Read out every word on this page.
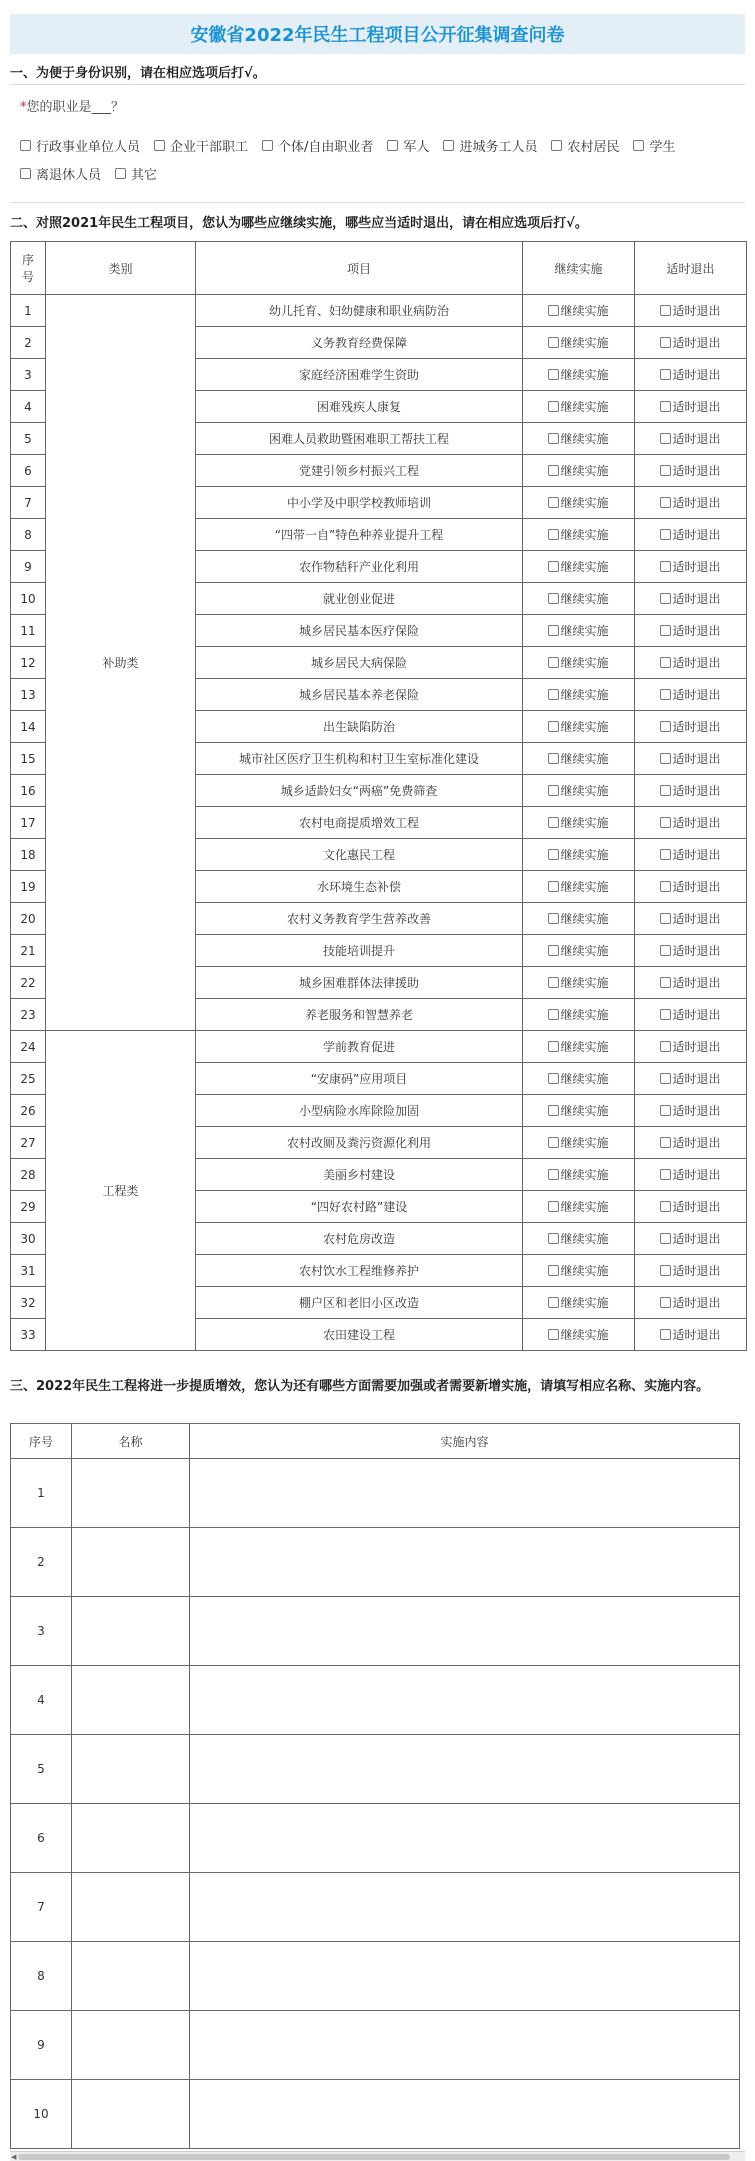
安徽省2022年民生工程项目公开征集调查问卷
一、为便于身份识别，请在相应选项后打√。
*您的职业是___？
行政事业单位人员 企业干部职工 个体/自由职业者 军人 进城务工人员 农村居民 学生
离退休人员 其它
二、对照2021年民生工程项目，您认为哪些应继续实施，哪些应当适时退出，请在相应选项后打√。
序
号	类别	项目	继续实施	适时退出
1	补助类	幼儿托育、妇幼健康和职业病防治	继续实施	适时退出

2		义务教育经费保障	继续实施	适时退出

3		家庭经济困难学生资助	继续实施	适时退出

4		困难残疾人康复	继续实施	适时退出

5		困难人员救助暨困难职工帮扶工程	继续实施	适时退出

6		党建引领乡村振兴工程	继续实施	适时退出

7		中小学及中职学校教师培训	继续实施	适时退出

8		“四带一自”特色种养业提升工程	继续实施	适时退出

9		农作物秸秆产业化利用	继续实施	适时退出

10		就业创业促进	继续实施	适时退出

11		城乡居民基本医疗保险	继续实施	适时退出

12		城乡居民大病保险	继续实施	适时退出

13		城乡居民基本养老保险	继续实施	适时退出

14		出生缺陷防治	继续实施	适时退出

15		城市社区医疗卫生机构和村卫生室标准化建设	继续实施	适时退出

16		城乡适龄妇女“两癌”免费筛查	继续实施	适时退出

17		农村电商提质增效工程	继续实施	适时退出

18		文化惠民工程	继续实施	适时退出

19		水环境生态补偿	继续实施	适时退出

20		农村义务教育学生营养改善	继续实施	适时退出

21		技能培训提升	继续实施	适时退出

22		城乡困难群体法律援助	继续实施	适时退出

23		养老服务和智慧养老	继续实施	适时退出

24	工程类	学前教育促进	继续实施	适时退出

25		“安康码”应用项目	继续实施	适时退出

26		小型病险水库除险加固	继续实施	适时退出

27		农村改厕及粪污资源化利用	继续实施	适时退出

28		美丽乡村建设	继续实施	适时退出

29		“四好农村路”建设	继续实施	适时退出

30		农村危房改造	继续实施	适时退出

31		农村饮水工程维修养护	继续实施	适时退出

32		棚户区和老旧小区改造	继续实施	适时退出

33		农田建设工程	继续实施	适时退出
三、2022年民生工程将进一步提质增效，您认为还有哪些方面需要加强或者需要新增实施，请填写相应名称、实施内容。
序号	名称	实施内容
1		
2		
3		
4		
5		
6		
7		
8		
9		
10		
◀
